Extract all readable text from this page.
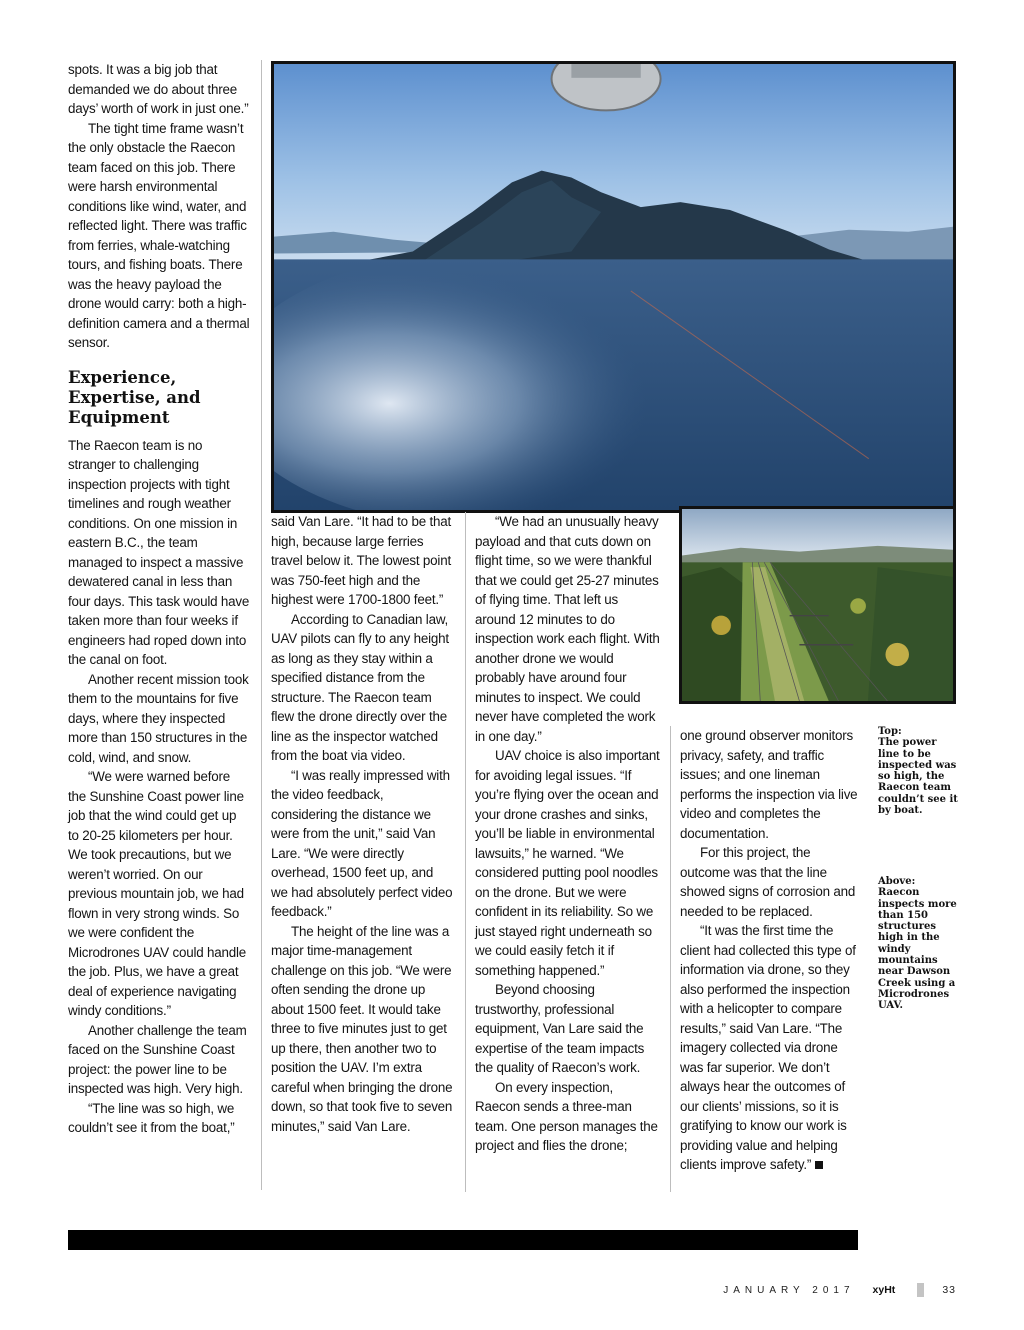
spots. It was a big job that demanded we do about three days’ worth of work in just one.”

The tight time frame wasn’t the only obstacle the Raecon team faced on this job. There were harsh environmental conditions like wind, water, and reflected light. There was traffic from ferries, whale-watching tours, and fishing boats. There was the heavy payload the drone would carry: both a high-definition camera and a thermal sensor.

Experience, Expertise, and Equipment

The Raecon team is no stranger to challenging inspection projects with tight timelines and rough weather conditions. On one mission in eastern B.C., the team managed to inspect a massive dewatered canal in less than four days. This task would have taken more than four weeks if engineers had roped down into the canal on foot.

Another recent mission took them to the mountains for five days, where they inspected more than 150 structures in the cold, wind, and snow.

“We were warned before the Sunshine Coast power line job that the wind could get up to 20-25 kilometers per hour. We took precautions, but we weren’t worried. On our previous mountain job, we had flown in very strong winds. So we were confident the Microdrones UAV could handle the job. Plus, we have a great deal of experience navigating windy conditions.”

Another challenge the team faced on the Sunshine Coast project: the power line to be inspected was high. Very high.

“The line was so high, we couldn’t see it from the boat,”

said Van Lare. “It had to be that high, because large ferries travel below it. The lowest point was 750-feet high and the highest were 1700-1800 feet.”

According to Canadian law, UAV pilots can fly to any height as long as they stay within a specified distance from the structure. The Raecon team flew the drone directly over the line as the inspector watched from the boat via video.

“I was really impressed with the video feedback, considering the distance we were from the unit,” said Van Lare. “We were directly overhead, 1500 feet up, and we had absolutely perfect video feedback.”

The height of the line was a major time-management challenge on this job. “We were often sending the drone up about 1500 feet. It would take three to five minutes just to get up there, then another two to position the UAV. I’m extra careful when bringing the drone down, so that took five to seven minutes,” said Van Lare.

“We had an unusually heavy payload and that cuts down on flight time, so we were thankful that we could get 25-27 minutes of flying time. That left us around 12 minutes to do inspection work each flight. With another drone we would probably have around four minutes to inspect. We could never have completed the work in one day.”

UAV choice is also important for avoiding legal issues. “If you’re flying over the ocean and your drone crashes and sinks, you’ll be liable in environmental lawsuits,” he warned. “We considered putting pool noodles on the drone. But we were confident in its reliability. So we just stayed right underneath so we could easily fetch it if something happened.”

Beyond choosing trustworthy, professional equipment, Van Lare said the expertise of the team impacts the quality of Raecon’s work.

On every inspection, Raecon sends a three-man team. One person manages the project and flies the drone;

one ground observer monitors privacy, safety, and traffic issues; and one lineman performs the inspection via live video and completes the documentation.

For this project, the outcome was that the line showed signs of corrosion and needed to be replaced.

“It was the first time the client had collected this type of information via drone, so they also performed the inspection with a helicopter to compare results,” said Van Lare. “The imagery collected via drone was far superior. We don’t always hear the outcomes of our clients’ missions, so it is gratifying to know our work is providing value and helping clients improve safety.”

Top:
The power line to be inspected was so high, the Raecon team couldn’t see it by boat.
Above:
Raecon inspects more than 150 structures high in the windy mountains near Dawson Creek using a Microdrones UAV.
JANUARY 2017 xyHt	33
